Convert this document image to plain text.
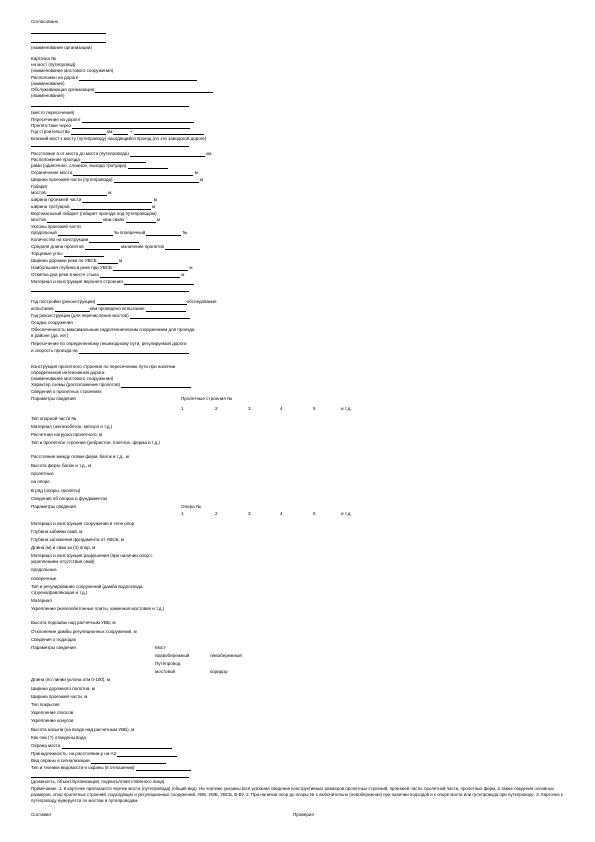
Согласовано
(наименование организации)
Карточка №
на мост (путепровод)
(наименование мостового сооружения)
Расположен на дороге
(наименование)
Обслуживающая организация
(наименование)
(место пересечения)
Пересечение на дороге
Препятствие через
Год строительства	км	+
Близкий мост к мосту (путепроводу) находящийся проезд (по эти заводской дороге)
Расстояние в от моста до моста (путепровода)	км
Расположение проезда
рами (одиночное, сложное, выхода тротуара)
Ограничение моста	м
Ширина проезжей части (путепровода)	м
Габарит
мостов	м
ширина проезжей части	м
ширина тротуаров	м
Вертикальный габарит (габарит проезда под путепроводом)
мостов	мна сваях	м
Уклоны проезжей части
продольный	‰ поперечный	‰
Количество на конструкции
Средняя длина пролетов	мзначение пролетов
Торцевые углы
Ширина дорожки реки по УВСБ	м
Наибольшая глубина в реке при УВСБ	м
Отметка дна реки в месте стыка	м
Материал и конструкция верхнего строения
Год постройки (реконструкции)	обследование
испытания	кем проведено испытание
Год реконструкции (для перечисления мостов)
Осадка сооружения
Обеспеченность максимальным гидротехническим сооружением для проезда
в районе (да, нет)
Пересечение по определенному пешеходному пути, регулируемой дороги
и скорость проезда на
Конструкция пролетного строения по пересечению пути при наличии
определенной интенсивной дороги
(наименование мостового сооружения)
Характер схемы (расположение пролетов)
Сведения о пролетных строениях
Параметры сведения	Пролетные строения №
1	2	3	4	5	и т.д.
Тип опорной части №
Материал (железобетон, металл и т.д.)
Расчетная нагрузка пролетного, м
Тип и пролетное строение (ребристое, плитное, ферма и т.д.)
Расстояние между осями ферм, балок и т.д., м
Высота ферм, балок и т.д., м
пролетные
на опоре
В ряд (опоры, пролеты)
Сведения об опорах и фундаментах
Параметры сведения	Опора №
1	2	3	4	5	и т.д.
Материал и конструкция сооружения в теле опор
Глубина забивки свай, м
Глубина заложения фундамента от УВСБ, м
Длина (м) и сваи за (3) опор, м
Материал и конструкция разрушения (при наличии опор с укреплением отсутствия свай)
продольные
поперечные
Тип и регулирование сооружений (дамба водоотвода, струенаправляющая и т.д.)
Материал
Укрепление (железобетонные плиты, каменная мостовая и т.д.)
Высота подошвы над расчетным УВБ, м
Отклонение дамбы регуляционных сооружений, м
Сведения о подходах
Параметры сведения	Мост
правобережный	левобережный
Путепровод
мостовой	коридор
Длина (по линии уклона отм 0-100), м
Ширина дорожного полотна, м
Ширина проезжей части, м
Тип покрытия
Укрепление откосов
Укрепление конусов
Высота насыпи (на входе над расчетным УВБ), м
Как они (?) отведены вода
Охрана моста
Принадлежность, на расстоянии р на А2
Вид охраны и сигнализации
Тип и техники ведомости и охраны (в отношении)
(должность, объект/организация, подпись/ответственного лица)
Примечание. 1. К карточке прилагается чертеж моста (путепровода) (общий вид). На чертеже указаны (вся указания сведения конструктивных размеров пролетных строений, проезжей части, пролетной части, пролетных ферм, а также сведения основных размеров, опор пролетных строений, подходящих и регуляционных сооружений, УВБ, УМВ, УВСБ, В-ВУ. 2. При наличии опор до опоры № 1 включительно (левобережная) при наличии подходов и к опоре моста или путепровода при путепроводе. 3. Карточка к путепроводу нумеруется по мостам и путепроводам.
Составил	Проверил
